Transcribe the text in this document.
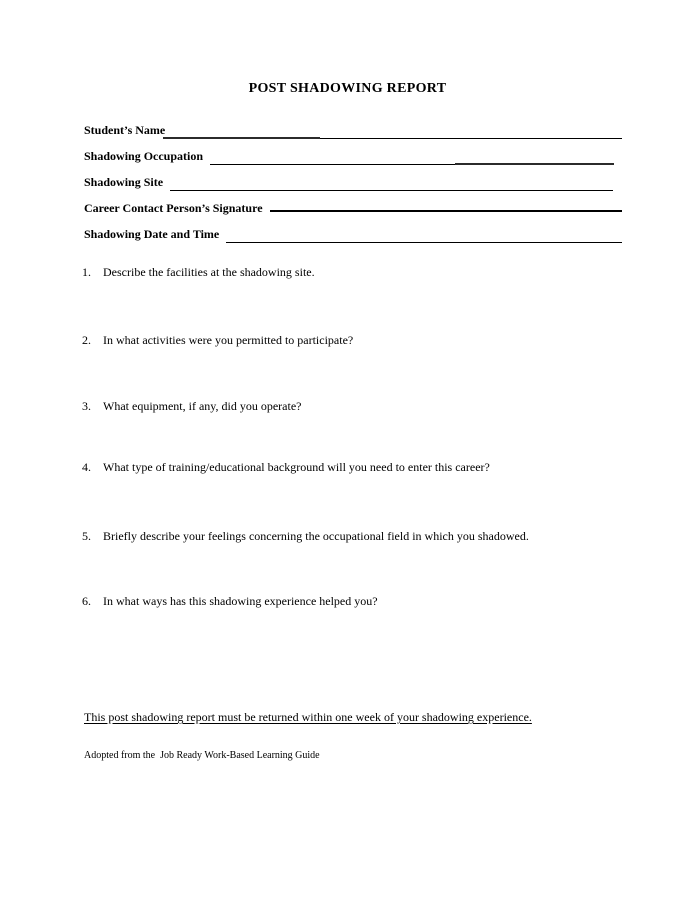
POST SHADOWING REPORT
Student’s Name
Shadowing Occupation
Shadowing Site
Career Contact Person’s Signature
Shadowing Date and Time
1.	Describe the facilities at the shadowing site.
2.	In what activities were you permitted to participate?
3.	What equipment, if any, did you operate?
4.	What type of training/educational background will you need to enter this career?
5.	Briefly describe your feelings concerning the occupational field in which you shadowed.
6.	In what ways has this shadowing experience helped you?
This post shadowing report must be returned within one week of your shadowing experience.
Adopted from the  Job Ready Work-Based Learning Guide
